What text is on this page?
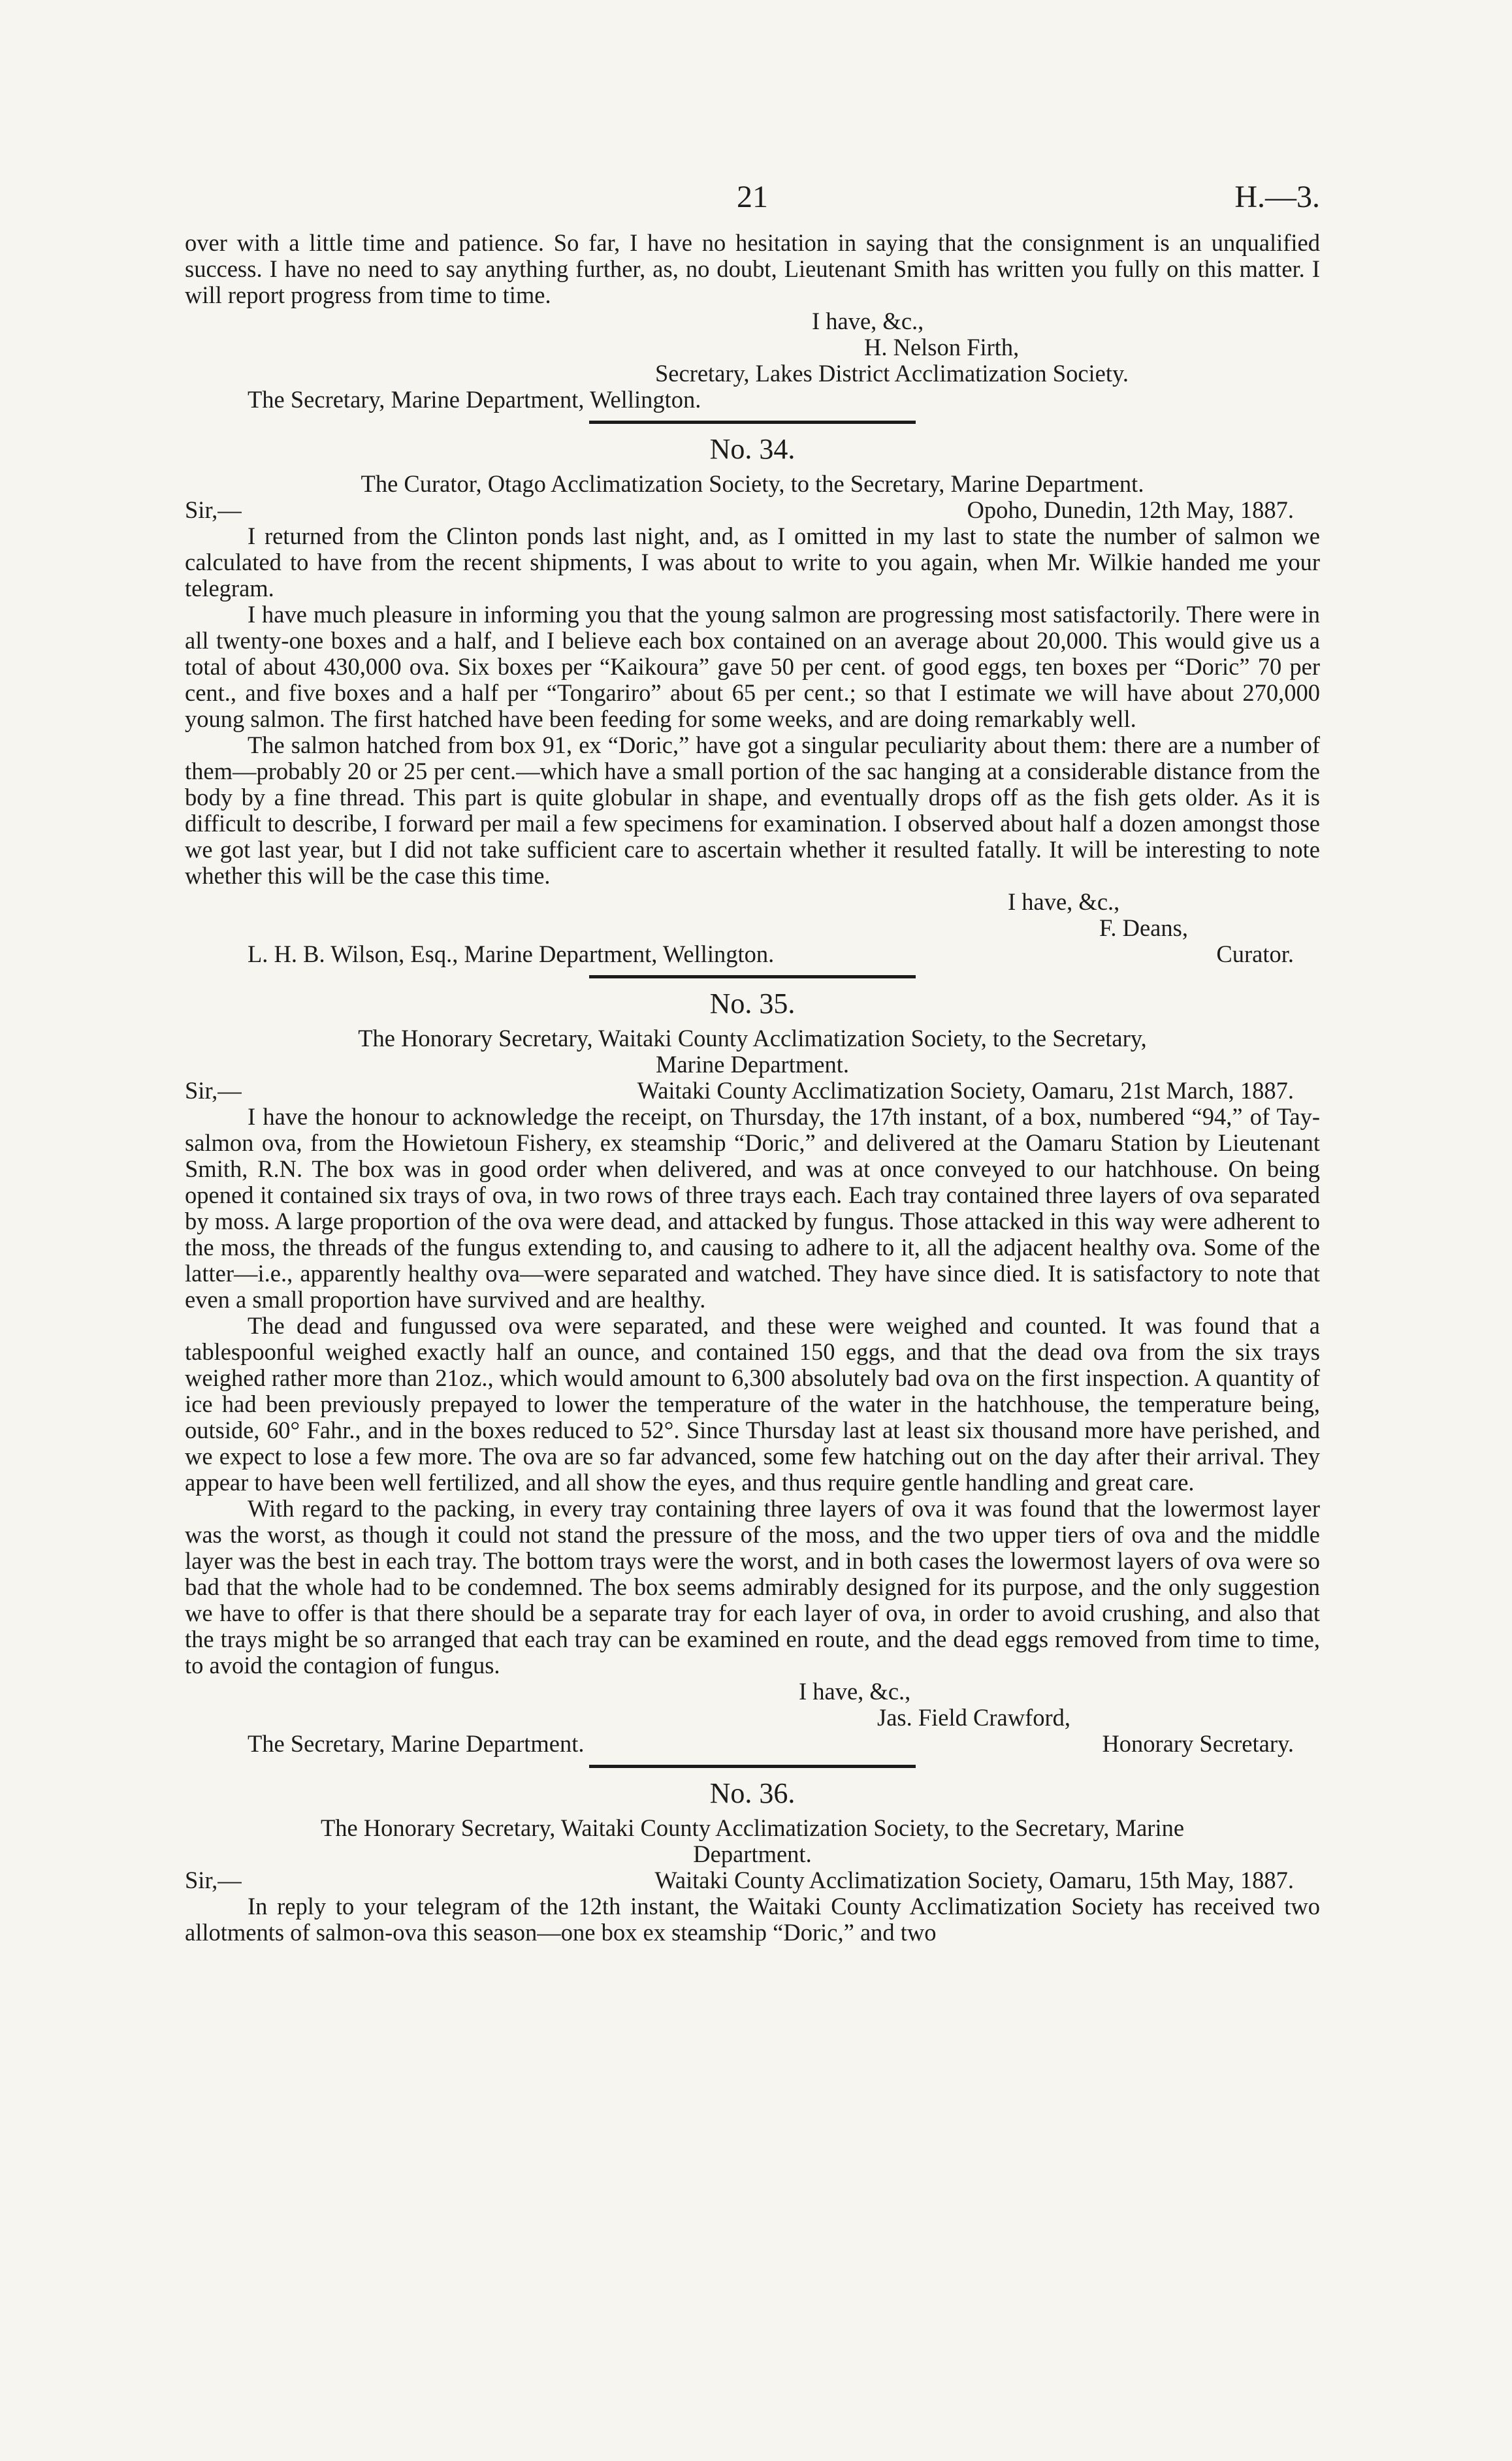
21	H.—3.

over with a little time and patience. So far, I have no hesitation in saying that the consignment is an unqualified success. I have no need to say anything further, as, no doubt, Lieutenant Smith has written you fully on this matter. I will report progress from time to time.

I have, &c.,
H. Nelson Firth,
Secretary, Lakes District Acclimatization Society.
The Secretary, Marine Department, Wellington.
No. 34.
The Curator, Otago Acclimatization Society, to the Secretary, Marine Department.
Sir,—	Opoho, Dunedin, 12th May, 1887.

I returned from the Clinton ponds last night, and, as I omitted in my last to state the number of salmon we calculated to have from the recent shipments, I was about to write to you again, when Mr. Wilkie handed me your telegram.

I have much pleasure in informing you that the young salmon are progressing most satisfactorily. There were in all twenty-one boxes and a half, and I believe each box contained on an average about 20,000. This would give us a total of about 430,000 ova. Six boxes per “Kaikoura” gave 50 per cent. of good eggs, ten boxes per “Doric” 70 per cent., and five boxes and a half per “Tongariro” about 65 per cent.; so that I estimate we will have about 270,000 young salmon. The first hatched have been feeding for some weeks, and are doing remarkably well.

The salmon hatched from box 91, ex “Doric,” have got a singular peculiarity about them: there are a number of them—probably 20 or 25 per cent.—which have a small portion of the sac hanging at a considerable distance from the body by a fine thread. This part is quite globular in shape, and eventually drops off as the fish gets older. As it is difficult to describe, I forward per mail a few specimens for examination. I observed about half a dozen amongst those we got last year, but I did not take sufficient care to ascertain whether it resulted fatally. It will be interesting to note whether this will be the case this time.

I have, &c.,
F. Deans,
L. H. B. Wilson, Esq., Marine Department, Wellington.	Curator.
No. 35.
The Honorary Secretary, Waitaki County Acclimatization Society, to the Secretary,
Marine Department.
Sir,—	Waitaki County Acclimatization Society, Oamaru, 21st March, 1887.

I have the honour to acknowledge the receipt, on Thursday, the 17th instant, of a box, numbered “94,” of Tay-salmon ova, from the Howietoun Fishery, ex steamship “Doric,” and delivered at the Oamaru Station by Lieutenant Smith, R.N. The box was in good order when delivered, and was at once conveyed to our hatchhouse. On being opened it contained six trays of ova, in two rows of three trays each. Each tray contained three layers of ova separated by moss. A large proportion of the ova were dead, and attacked by fungus. Those attacked in this way were adherent to the moss, the threads of the fungus extending to, and causing to adhere to it, all the adjacent healthy ova. Some of the latter—i.e., apparently healthy ova—were separated and watched. They have since died. It is satisfactory to note that even a small proportion have survived and are healthy.

The dead and fungussed ova were separated, and these were weighed and counted. It was found that a tablespoonful weighed exactly half an ounce, and contained 150 eggs, and that the dead ova from the six trays weighed rather more than 21oz., which would amount to 6,300 absolutely bad ova on the first inspection. A quantity of ice had been previously prepayed to lower the temperature of the water in the hatchhouse, the temperature being, outside, 60° Fahr., and in the boxes reduced to 52°. Since Thursday last at least six thousand more have perished, and we expect to lose a few more. The ova are so far advanced, some few hatching out on the day after their arrival. They appear to have been well fertilized, and all show the eyes, and thus require gentle handling and great care.

With regard to the packing, in every tray containing three layers of ova it was found that the lowermost layer was the worst, as though it could not stand the pressure of the moss, and the two upper tiers of ova and the middle layer was the best in each tray. The bottom trays were the worst, and in both cases the lowermost layers of ova were so bad that the whole had to be condemned. The box seems admirably designed for its purpose, and the only suggestion we have to offer is that there should be a separate tray for each layer of ova, in order to avoid crushing, and also that the trays might be so arranged that each tray can be examined en route, and the dead eggs removed from time to time, to avoid the contagion of fungus.

I have, &c.,
Jas. Field Crawford,
The Secretary, Marine Department.	Honorary Secretary.
No. 36.
The Honorary Secretary, Waitaki County Acclimatization Society, to the Secretary, Marine
Department.
Sir,—	Waitaki County Acclimatization Society, Oamaru, 15th May, 1887.

In reply to your telegram of the 12th instant, the Waitaki County Acclimatization Society has received two allotments of salmon-ova this season—one box ex steamship “Doric,” and two
